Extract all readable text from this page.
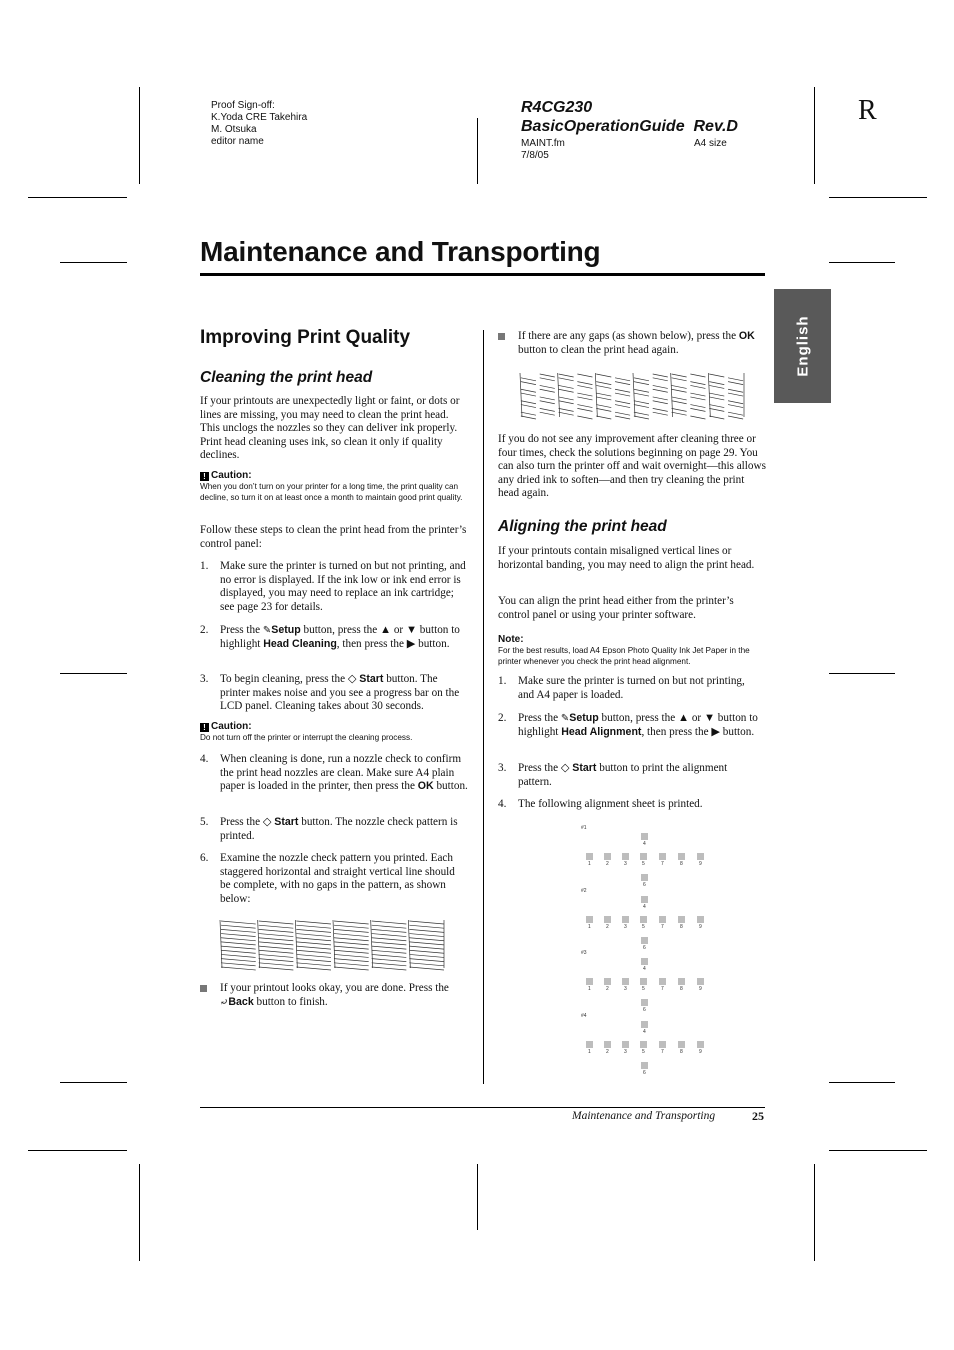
Proof Sign-off:
K.Yoda CRE Takehira
M. Otsuka
editor name
R4CG230
BasicOperationGuide  Rev.D
MAINT.fm
7/8/05
A4 size
R
Maintenance and Transporting
English
Improving Print Quality
Cleaning the print head

If your printouts are unexpectedly light or faint, or dots or lines are missing, you may need to clean the print head. This unclogs the nozzles so they can deliver ink properly. Print head cleaning uses ink, so clean it only if quality declines.

! Caution:
When you don’t turn on your printer for a long time, the print quality can decline, so turn it on at least once a month to maintain good print quality.

Follow these steps to clean the print head from the printer’s control panel:

1. Make sure the printer is turned on but not printing, and no error is displayed. If the ink low or ink end error is displayed, you may need to replace an ink cartridge; see page 23 for details.
2. Press the ✎Setup button, press the ▲ or ▼ button to highlight Head Cleaning, then press the ▶ button.
3. To begin cleaning, press the ◇ Start button. The printer makes noise and you see a progress bar on the LCD panel. Cleaning takes about 30 seconds.
! Caution:
Do not turn off the printer or interrupt the cleaning process.
4. When cleaning is done, run a nozzle check to confirm the print head nozzles are clean. Make sure A4 plain paper is loaded in the printer, then press the OK button.
5. Press the ◇ Start button. The nozzle check pattern is printed.
6. Examine the nozzle check pattern you printed. Each staggered horizontal and straight vertical line should be complete, with no gaps in the pattern, as shown below:
If your printout looks okay, you are done. Press the ⤾Back button to finish.
If there are any gaps (as shown below), press the OK button to clean the print head again.

If you do not see any improvement after cleaning three or four times, check the solutions beginning on page 29. You can also turn the printer off and wait overnight—this allows any dried ink to soften—and then try cleaning the print head again.

Aligning the print head

If your printouts contain misaligned vertical lines or horizontal banding, you may need to align the print head.

You can align the print head either from the printer’s control panel or using your printer software.

Note:
For the best results, load A4 Epson Photo Quality Ink Jet Paper in the printer whenever you check the print head alignment.
1. Make sure the printer is turned on but not printing, and A4 paper is loaded.
2. Press the ✎Setup button, press the ▲ or ▼ button to highlight Head Alignment, then press the ▶ button.
3. Press the ◇ Start button to print the alignment pattern.
4. The following alignment sheet is printed.
#1
4
1	2	3	5	7	8	9
6
#2
4
1	2	3	5	7	8	9
6
#3
4
1	2	3	5	7	8	9
6
#4
4
1	2	3	5	7	8	9
6
Maintenance and Transporting	25
